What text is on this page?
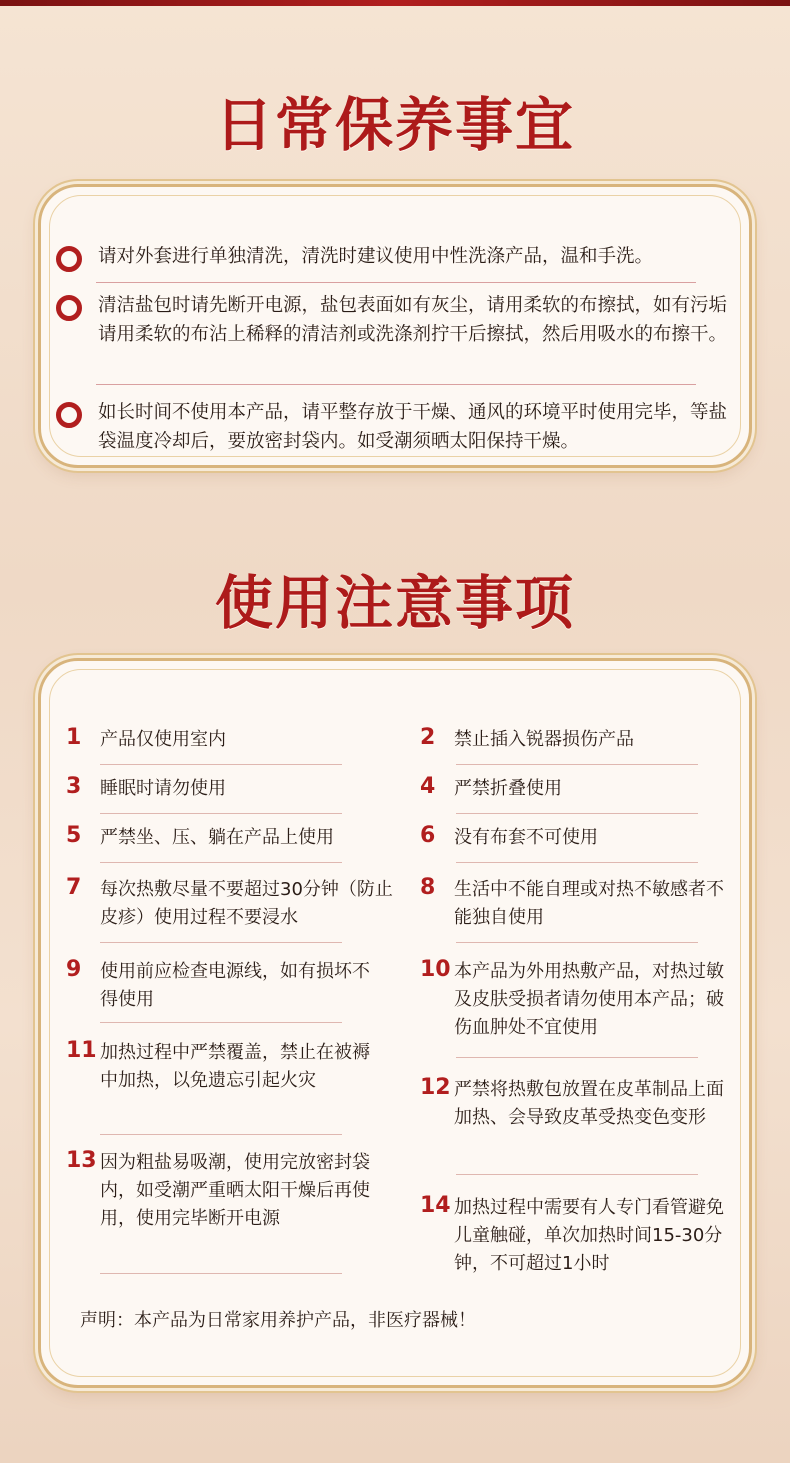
日常保养事宜
请对外套进行单独清洗，清洗时建议使用中性洗涤产品，温和手洗。
清洁盐包时请先断开电源，盐包表面如有灰尘，请用柔软的布擦拭，如有污垢请用柔软的布沾上稀释的清洁剂或洗涤剂拧干后擦拭，然后用吸水的布擦干。
如长时间不使用本产品，请平整存放于干燥、通风的环境平时使用完毕，等盐袋温度冷却后，要放密封袋内。如受潮须晒太阳保持干燥。
使用注意事项
1	产品仅使用室内
3	睡眠时请勿使用
5	严禁坐、压、躺在产品上使用
7	每次热敷尽量不要超过30分钟（防止皮疹）使用过程不要浸水
9	使用前应检查电源线，如有损坏不得使用
11 加热过程中严禁覆盖，禁止在被褥中加热，以免遗忘引起火灾
13 因为粗盐易吸潮，使用完放密封袋内，如受潮严重晒太阳干燥后再使用，使用完毕断开电源
2	禁止插入锐器损伤产品
4	严禁折叠使用
6	没有布套不可使用
8	生活中不能自理或对热不敏感者不能独自使用
10 本产品为外用热敷产品，对热过敏及皮肤受损者请勿使用本产品；破伤血肿处不宜使用
12 严禁将热敷包放置在皮革制品上面加热、会导致皮革受热变色变形
14 加热过程中需要有人专门看管避免儿童触碰，单次加热时间15-30分钟，不可超过1小时
声明：本产品为日常家用养护产品，非医疗器械！
